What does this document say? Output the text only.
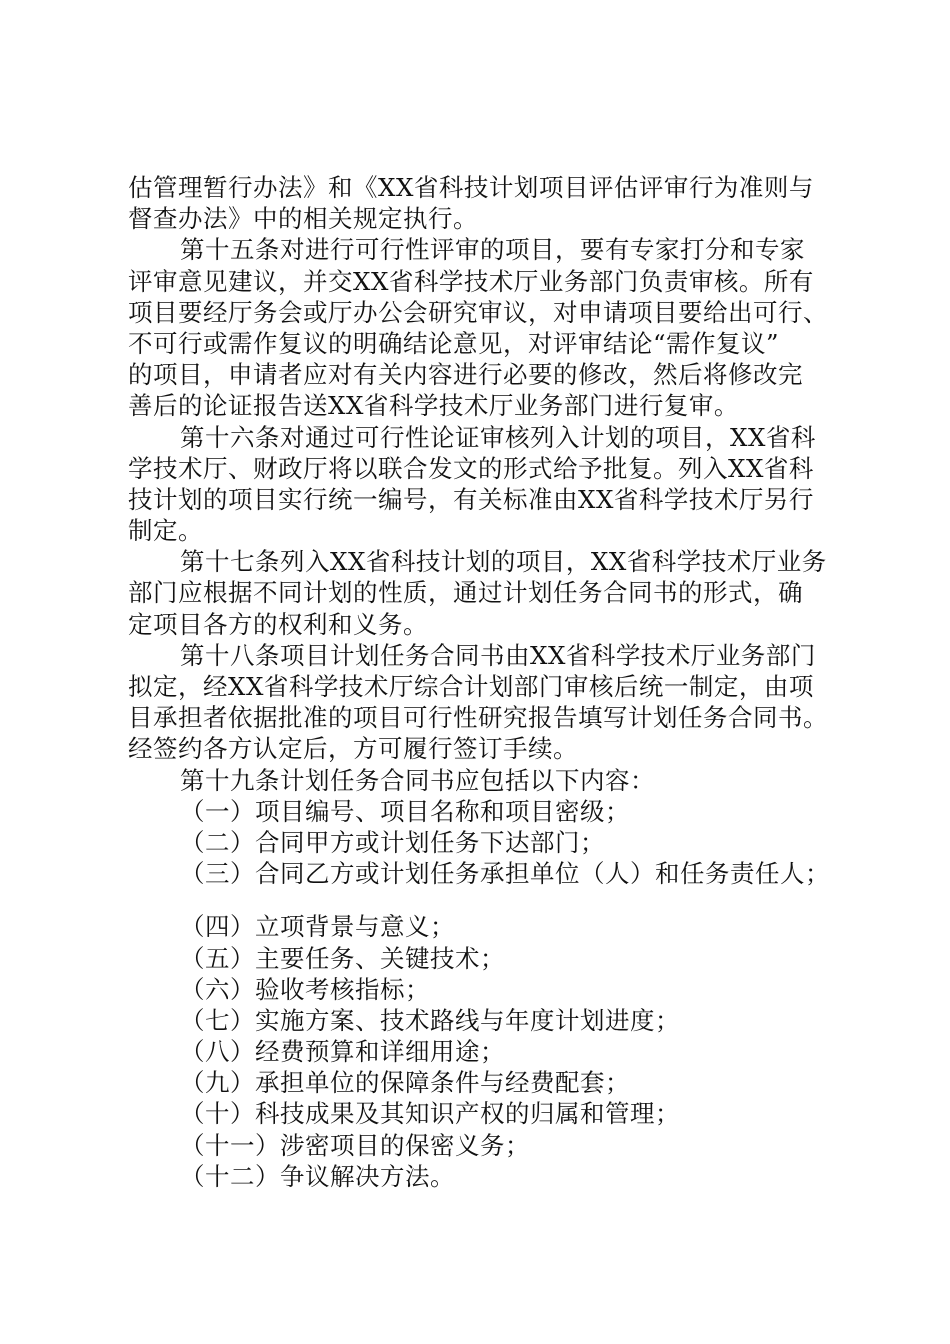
估管理暂行办法》和《XX省科技计划项目评估评审行为准则与
督查办法》中的相关规定执行。
第十五条对进行可行性评审的项目，要有专家打分和专家
评审意见建议，并交XX省科学技术厅业务部门负责审核。所有
项目要经厅务会或厅办公会研究审议，对申请项目要给出可行、
不可行或需作复议的明确结论意见，对评审结论“需作复议”
的项目，申请者应对有关内容进行必要的修改，然后将修改完
善后的论证报告送XX省科学技术厅业务部门进行复审。
第十六条对通过可行性论证审核列入计划的项目，XX省科
学技术厅、财政厅将以联合发文的形式给予批复。列入XX省科
技计划的项目实行统一编号，有关标准由XX省科学技术厅另行
制定。
第十七条列入XX省科技计划的项目，XX省科学技术厅业务
部门应根据不同计划的性质，通过计划任务合同书的形式，确
定项目各方的权利和义务。
第十八条项目计划任务合同书由XX省科学技术厅业务部门
拟定，经XX省科学技术厅综合计划部门审核后统一制定，由项
目承担者依据批准的项目可行性研究报告填写计划任务合同书。
经签约各方认定后，方可履行签订手续。
第十九条计划任务合同书应包括以下内容：
（一）项目编号、项目名称和项目密级；
（二）合同甲方或计划任务下达部门；
（三）合同乙方或计划任务承担单位（人）和任务责任人；
（四）立项背景与意义；
（五）主要任务、关键技术；
（六）验收考核指标；
（七）实施方案、技术路线与年度计划进度；
（八）经费预算和详细用途；
（九）承担单位的保障条件与经费配套；
（十）科技成果及其知识产权的归属和管理；
（十一）涉密项目的保密义务；
（十二）争议解决方法。
